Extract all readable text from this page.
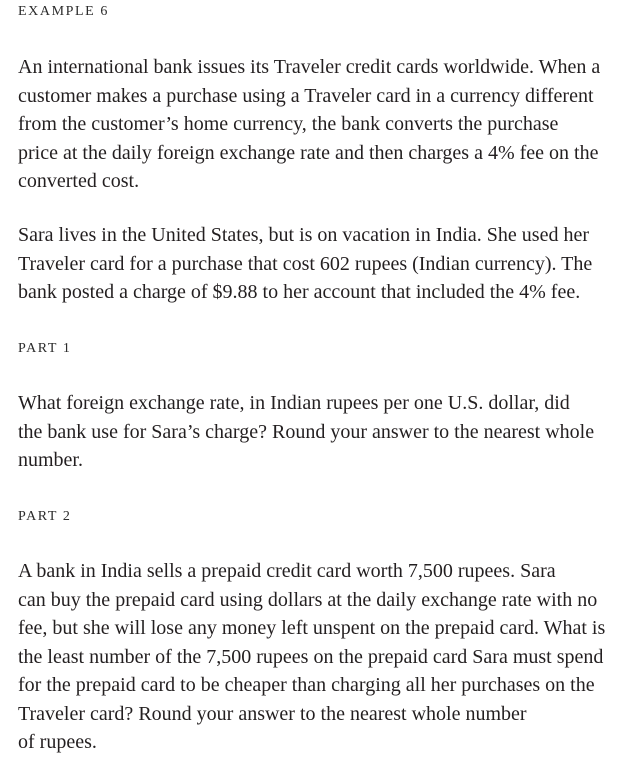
EXAMPLE 6

An international bank issues its Traveler credit cards worldwide. When a
customer makes a purchase using a Traveler card in a currency different
from the customer’s home currency, the bank converts the purchase
price at the daily foreign exchange rate and then charges a 4% fee on the
converted cost.

Sara lives in the United States, but is on vacation in India. She used her
Traveler card for a purchase that cost 602 rupees (Indian currency). The
bank posted a charge of $9.88 to her account that included the 4% fee.

PART 1

What foreign exchange rate, in Indian rupees per one U.S. dollar, did
the bank use for Sara’s charge? Round your answer to the nearest whole
number.

PART 2

A bank in India sells a prepaid credit card worth 7,500 rupees. Sara
can buy the prepaid card using dollars at the daily exchange rate with no
fee, but she will lose any money left unspent on the prepaid card. What is
the least number of the 7,500 rupees on the prepaid card Sara must spend
for the prepaid card to be cheaper than charging all her purchases on the
Traveler card? Round your answer to the nearest whole number
of rupees.
